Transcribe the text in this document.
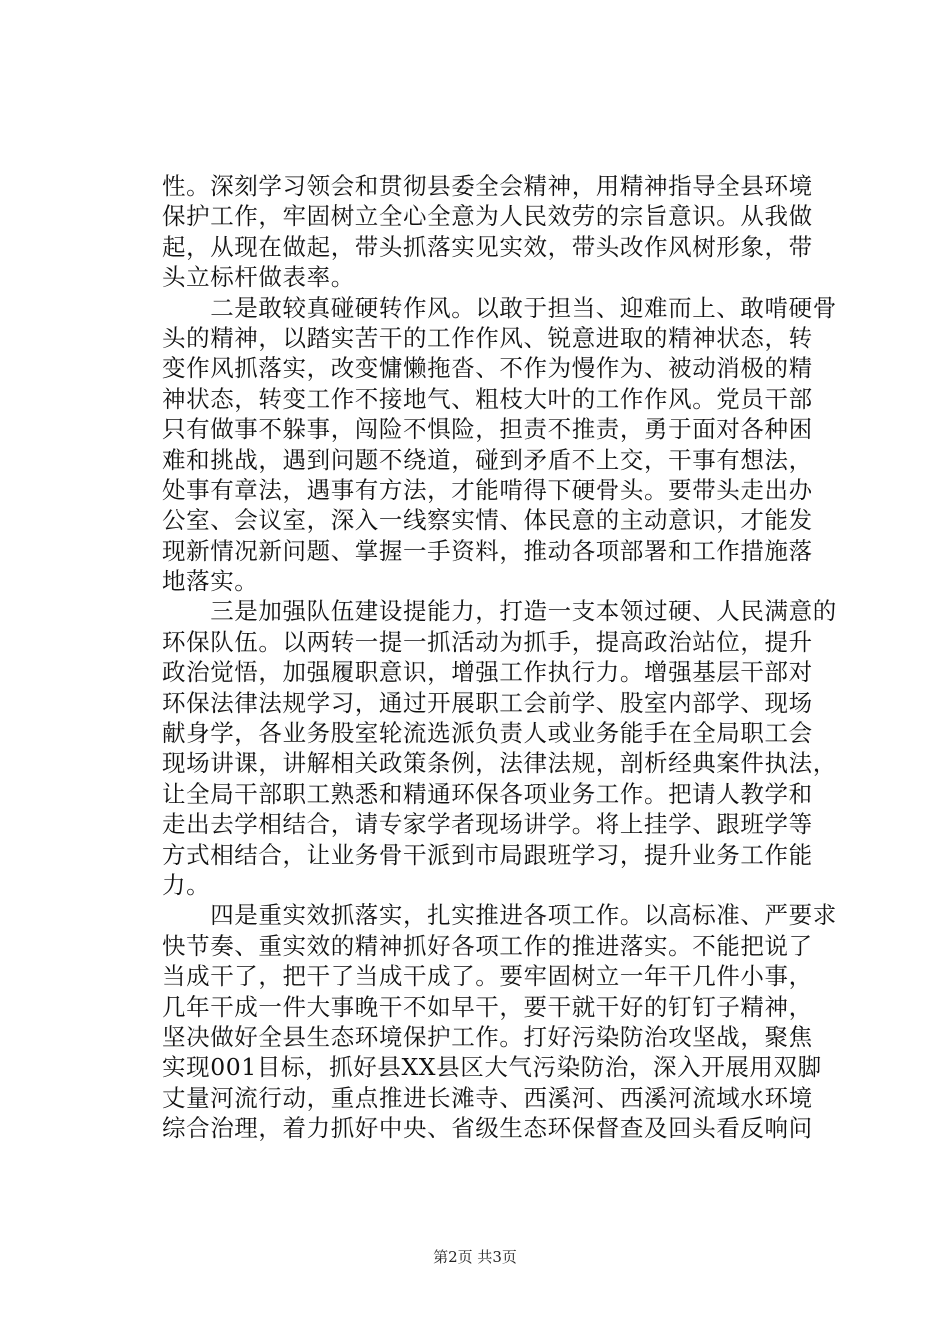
性。深刻学习领会和贯彻县委全会精神，用精神指导全县环境
保护工作，牢固树立全心全意为人民效劳的宗旨意识。从我做
起，从现在做起，带头抓落实见实效，带头改作风树形象，带
头立标杆做表率。
　　二是敢较真碰硬转作风。以敢于担当、迎难而上、敢啃硬骨
头的精神，以踏实苦干的工作作风、锐意进取的精神状态，转
变作风抓落实，改变慵懒拖沓、不作为慢作为、被动消极的精
神状态，转变工作不接地气、粗枝大叶的工作作风。党员干部
只有做事不躲事，闯险不惧险，担责不推责，勇于面对各种困
难和挑战，遇到问题不绕道，碰到矛盾不上交，干事有想法，
处事有章法，遇事有方法，才能啃得下硬骨头。要带头走出办
公室、会议室，深入一线察实情、体民意的主动意识，才能发
现新情况新问题、掌握一手资料，推动各项部署和工作措施落
地落实。
　　三是加强队伍建设提能力，打造一支本领过硬、人民满意的
环保队伍。以两转一提一抓活动为抓手，提高政治站位，提升
政治觉悟，加强履职意识，增强工作执行力。增强基层干部对
环保法律法规学习，通过开展职工会前学、股室内部学、现场
献身学，各业务股室轮流选派负责人或业务能手在全局职工会
现场讲课，讲解相关政策条例，法律法规，剖析经典案件执法，
让全局干部职工熟悉和精通环保各项业务工作。把请人教学和
走出去学相结合，请专家学者现场讲学。将上挂学、跟班学等
方式相结合，让业务骨干派到市局跟班学习，提升业务工作能
力。
　　四是重实效抓落实，扎实推进各项工作。以高标准、严要求
快节奏、重实效的精神抓好各项工作的推进落实。不能把说了
当成干了，把干了当成干成了。要牢固树立一年干几件小事，
几年干成一件大事晚干不如早干，要干就干好的钉钉子精神，
坚决做好全县生态环境保护工作。打好污染防治攻坚战，聚焦
实现001目标，抓好县XX县区大气污染防治，深入开展用双脚
丈量河流行动，重点推进长滩寺、西溪河、西溪河流域水环境
综合治理，着力抓好中央、省级生态环保督查及回头看反响问
第2页 共3页
